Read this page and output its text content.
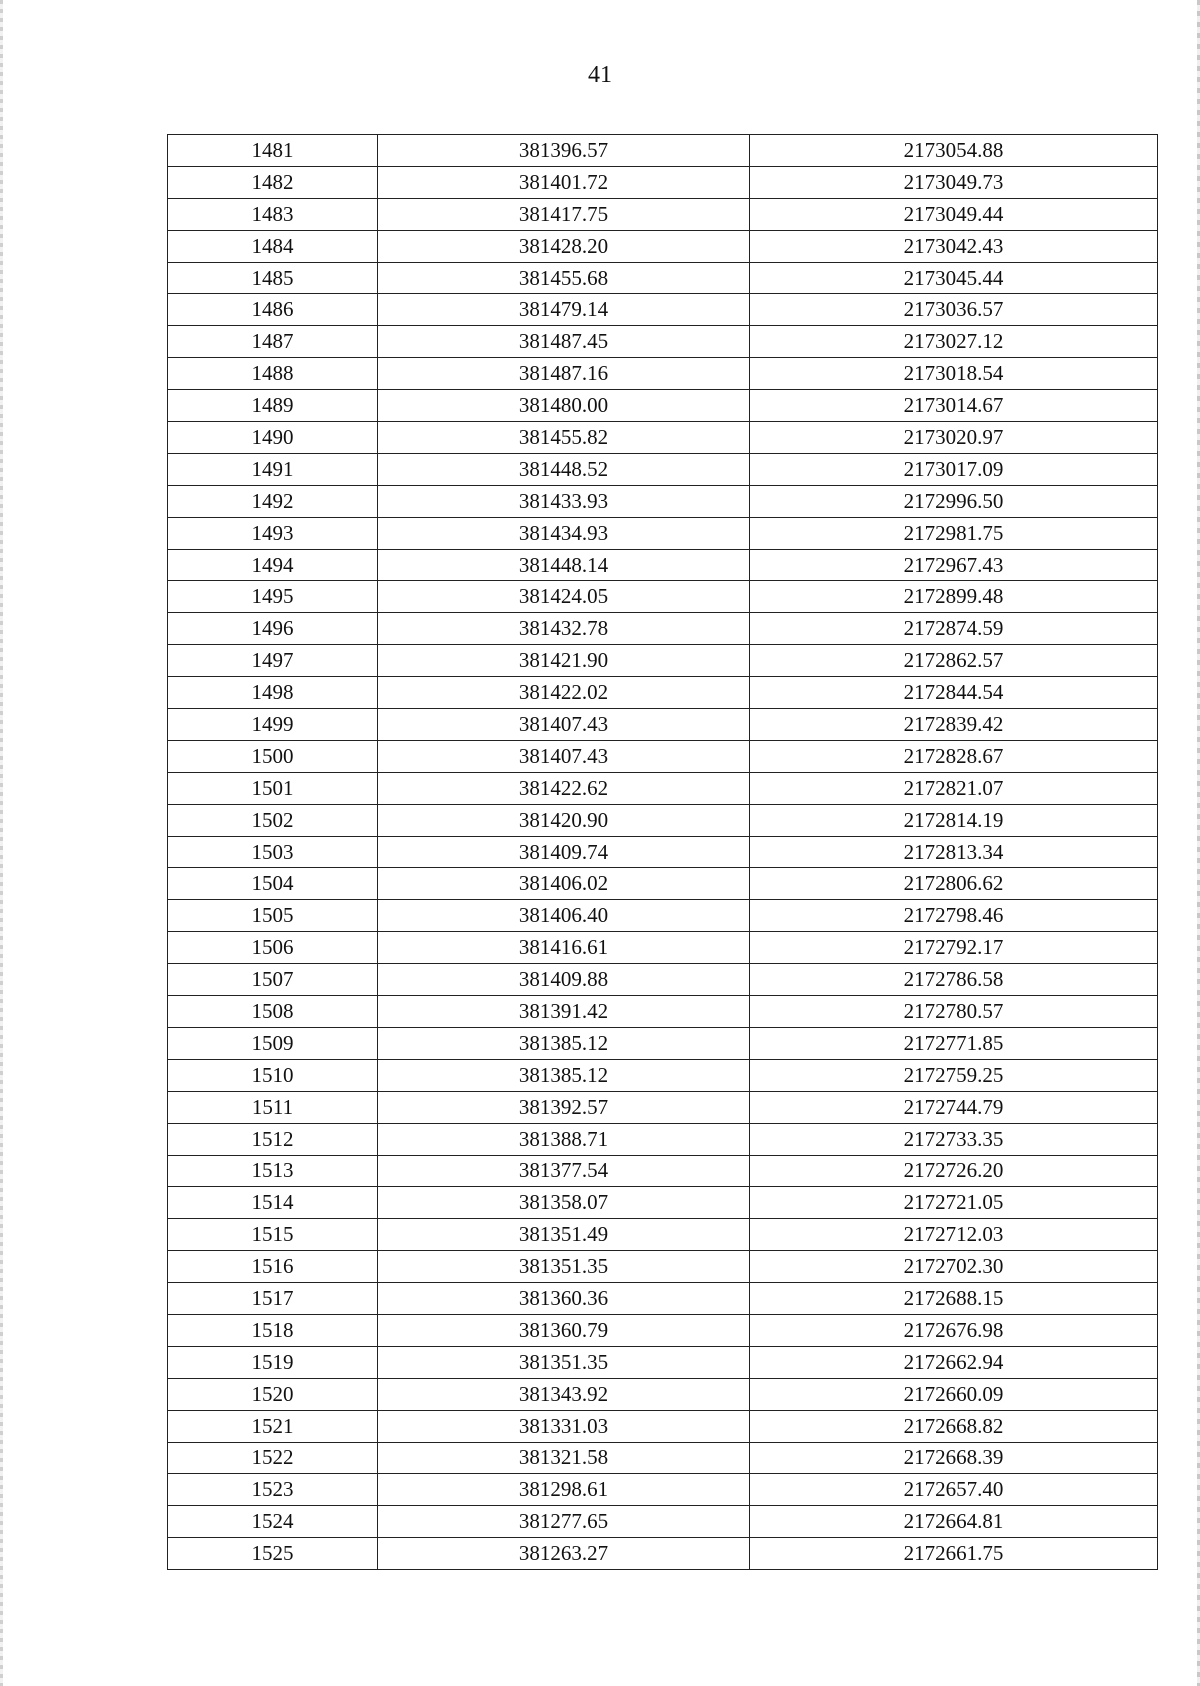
41
1481	381396.57	2173054.88
1482	381401.72	2173049.73
1483	381417.75	2173049.44
1484	381428.20	2173042.43
1485	381455.68	2173045.44
1486	381479.14	2173036.57
1487	381487.45	2173027.12
1488	381487.16	2173018.54
1489	381480.00	2173014.67
1490	381455.82	2173020.97
1491	381448.52	2173017.09
1492	381433.93	2172996.50
1493	381434.93	2172981.75
1494	381448.14	2172967.43
1495	381424.05	2172899.48
1496	381432.78	2172874.59
1497	381421.90	2172862.57
1498	381422.02	2172844.54
1499	381407.43	2172839.42
1500	381407.43	2172828.67
1501	381422.62	2172821.07
1502	381420.90	2172814.19
1503	381409.74	2172813.34
1504	381406.02	2172806.62
1505	381406.40	2172798.46
1506	381416.61	2172792.17
1507	381409.88	2172786.58
1508	381391.42	2172780.57
1509	381385.12	2172771.85
1510	381385.12	2172759.25
1511	381392.57	2172744.79
1512	381388.71	2172733.35
1513	381377.54	2172726.20
1514	381358.07	2172721.05
1515	381351.49	2172712.03
1516	381351.35	2172702.30
1517	381360.36	2172688.15
1518	381360.79	2172676.98
1519	381351.35	2172662.94
1520	381343.92	2172660.09
1521	381331.03	2172668.82
1522	381321.58	2172668.39
1523	381298.61	2172657.40
1524	381277.65	2172664.81
1525	381263.27	2172661.75
